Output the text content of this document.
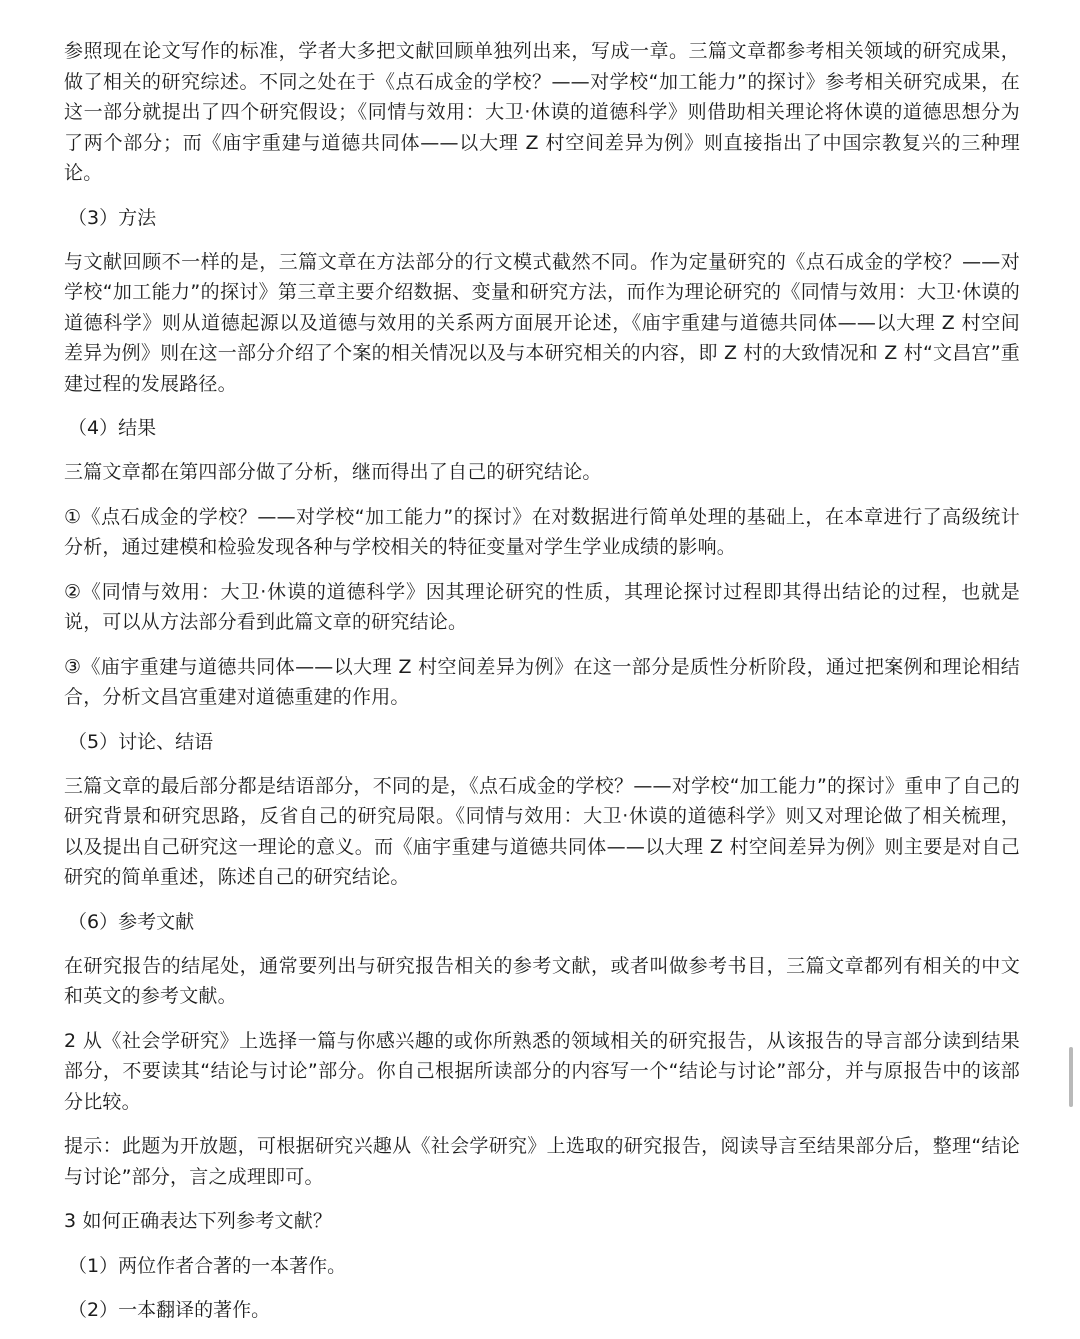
参照现在论文写作的标准，学者大多把文献回顾单独列出来，写成一章。三篇文章都参考相关领域的研究成果，做了相关的研究综述。不同之处在于《点石成金的学校？——对学校“加工能力”的探讨》参考相关研究成果，在这一部分就提出了四个研究假设；《同情与效用：大卫·休谟的道德科学》则借助相关理论将休谟的道德思想分为了两个部分；而《庙宇重建与道德共同体——以大理 Z 村空间差异为例》则直接指出了中国宗教复兴的三种理论。

（3）方法

与文献回顾不一样的是，三篇文章在方法部分的行文模式截然不同。作为定量研究的《点石成金的学校？——对学校“加工能力”的探讨》第三章主要介绍数据、变量和研究方法，而作为理论研究的《同情与效用：大卫·休谟的道德科学》则从道德起源以及道德与效用的关系两方面展开论述，《庙宇重建与道德共同体——以大理 Z 村空间差异为例》则在这一部分介绍了个案的相关情况以及与本研究相关的内容，即 Z 村的大致情况和 Z 村“文昌宫”重建过程的发展路径。

（4）结果

三篇文章都在第四部分做了分析，继而得出了自己的研究结论。

①《点石成金的学校？——对学校“加工能力”的探讨》在对数据进行简单处理的基础上，在本章进行了高级统计分析，通过建模和检验发现各种与学校相关的特征变量对学生学业成绩的影响。

②《同情与效用：大卫·休谟的道德科学》因其理论研究的性质，其理论探讨过程即其得出结论的过程，也就是说，可以从方法部分看到此篇文章的研究结论。

③《庙宇重建与道德共同体——以大理 Z 村空间差异为例》在这一部分是质性分析阶段，通过把案例和理论相结合，分析文昌宫重建对道德重建的作用。

（5）讨论、结语

三篇文章的最后部分都是结语部分，不同的是，《点石成金的学校？——对学校“加工能力”的探讨》重申了自己的研究背景和研究思路，反省自己的研究局限。《同情与效用：大卫·休谟的道德科学》则又对理论做了相关梳理，以及提出自己研究这一理论的意义。而《庙宇重建与道德共同体——以大理 Z 村空间差异为例》则主要是对自己研究的简单重述，陈述自己的研究结论。

（6）参考文献

在研究报告的结尾处，通常要列出与研究报告相关的参考文献，或者叫做参考书目，三篇文章都列有相关的中文和英文的参考文献。

2 从《社会学研究》上选择一篇与你感兴趣的或你所熟悉的领域相关的研究报告，从该报告的导言部分读到结果部分，不要读其“结论与讨论”部分。你自己根据所读部分的内容写一个“结论与讨论”部分，并与原报告中的该部分比较。

提示：此题为开放题，可根据研究兴趣从《社会学研究》上选取的研究报告，阅读导言至结果部分后，整理“结论与讨论”部分，言之成理即可。

3 如何正确表达下列参考文献？

（1）两位作者合著的一本著作。

（2）一本翻译的著作。
